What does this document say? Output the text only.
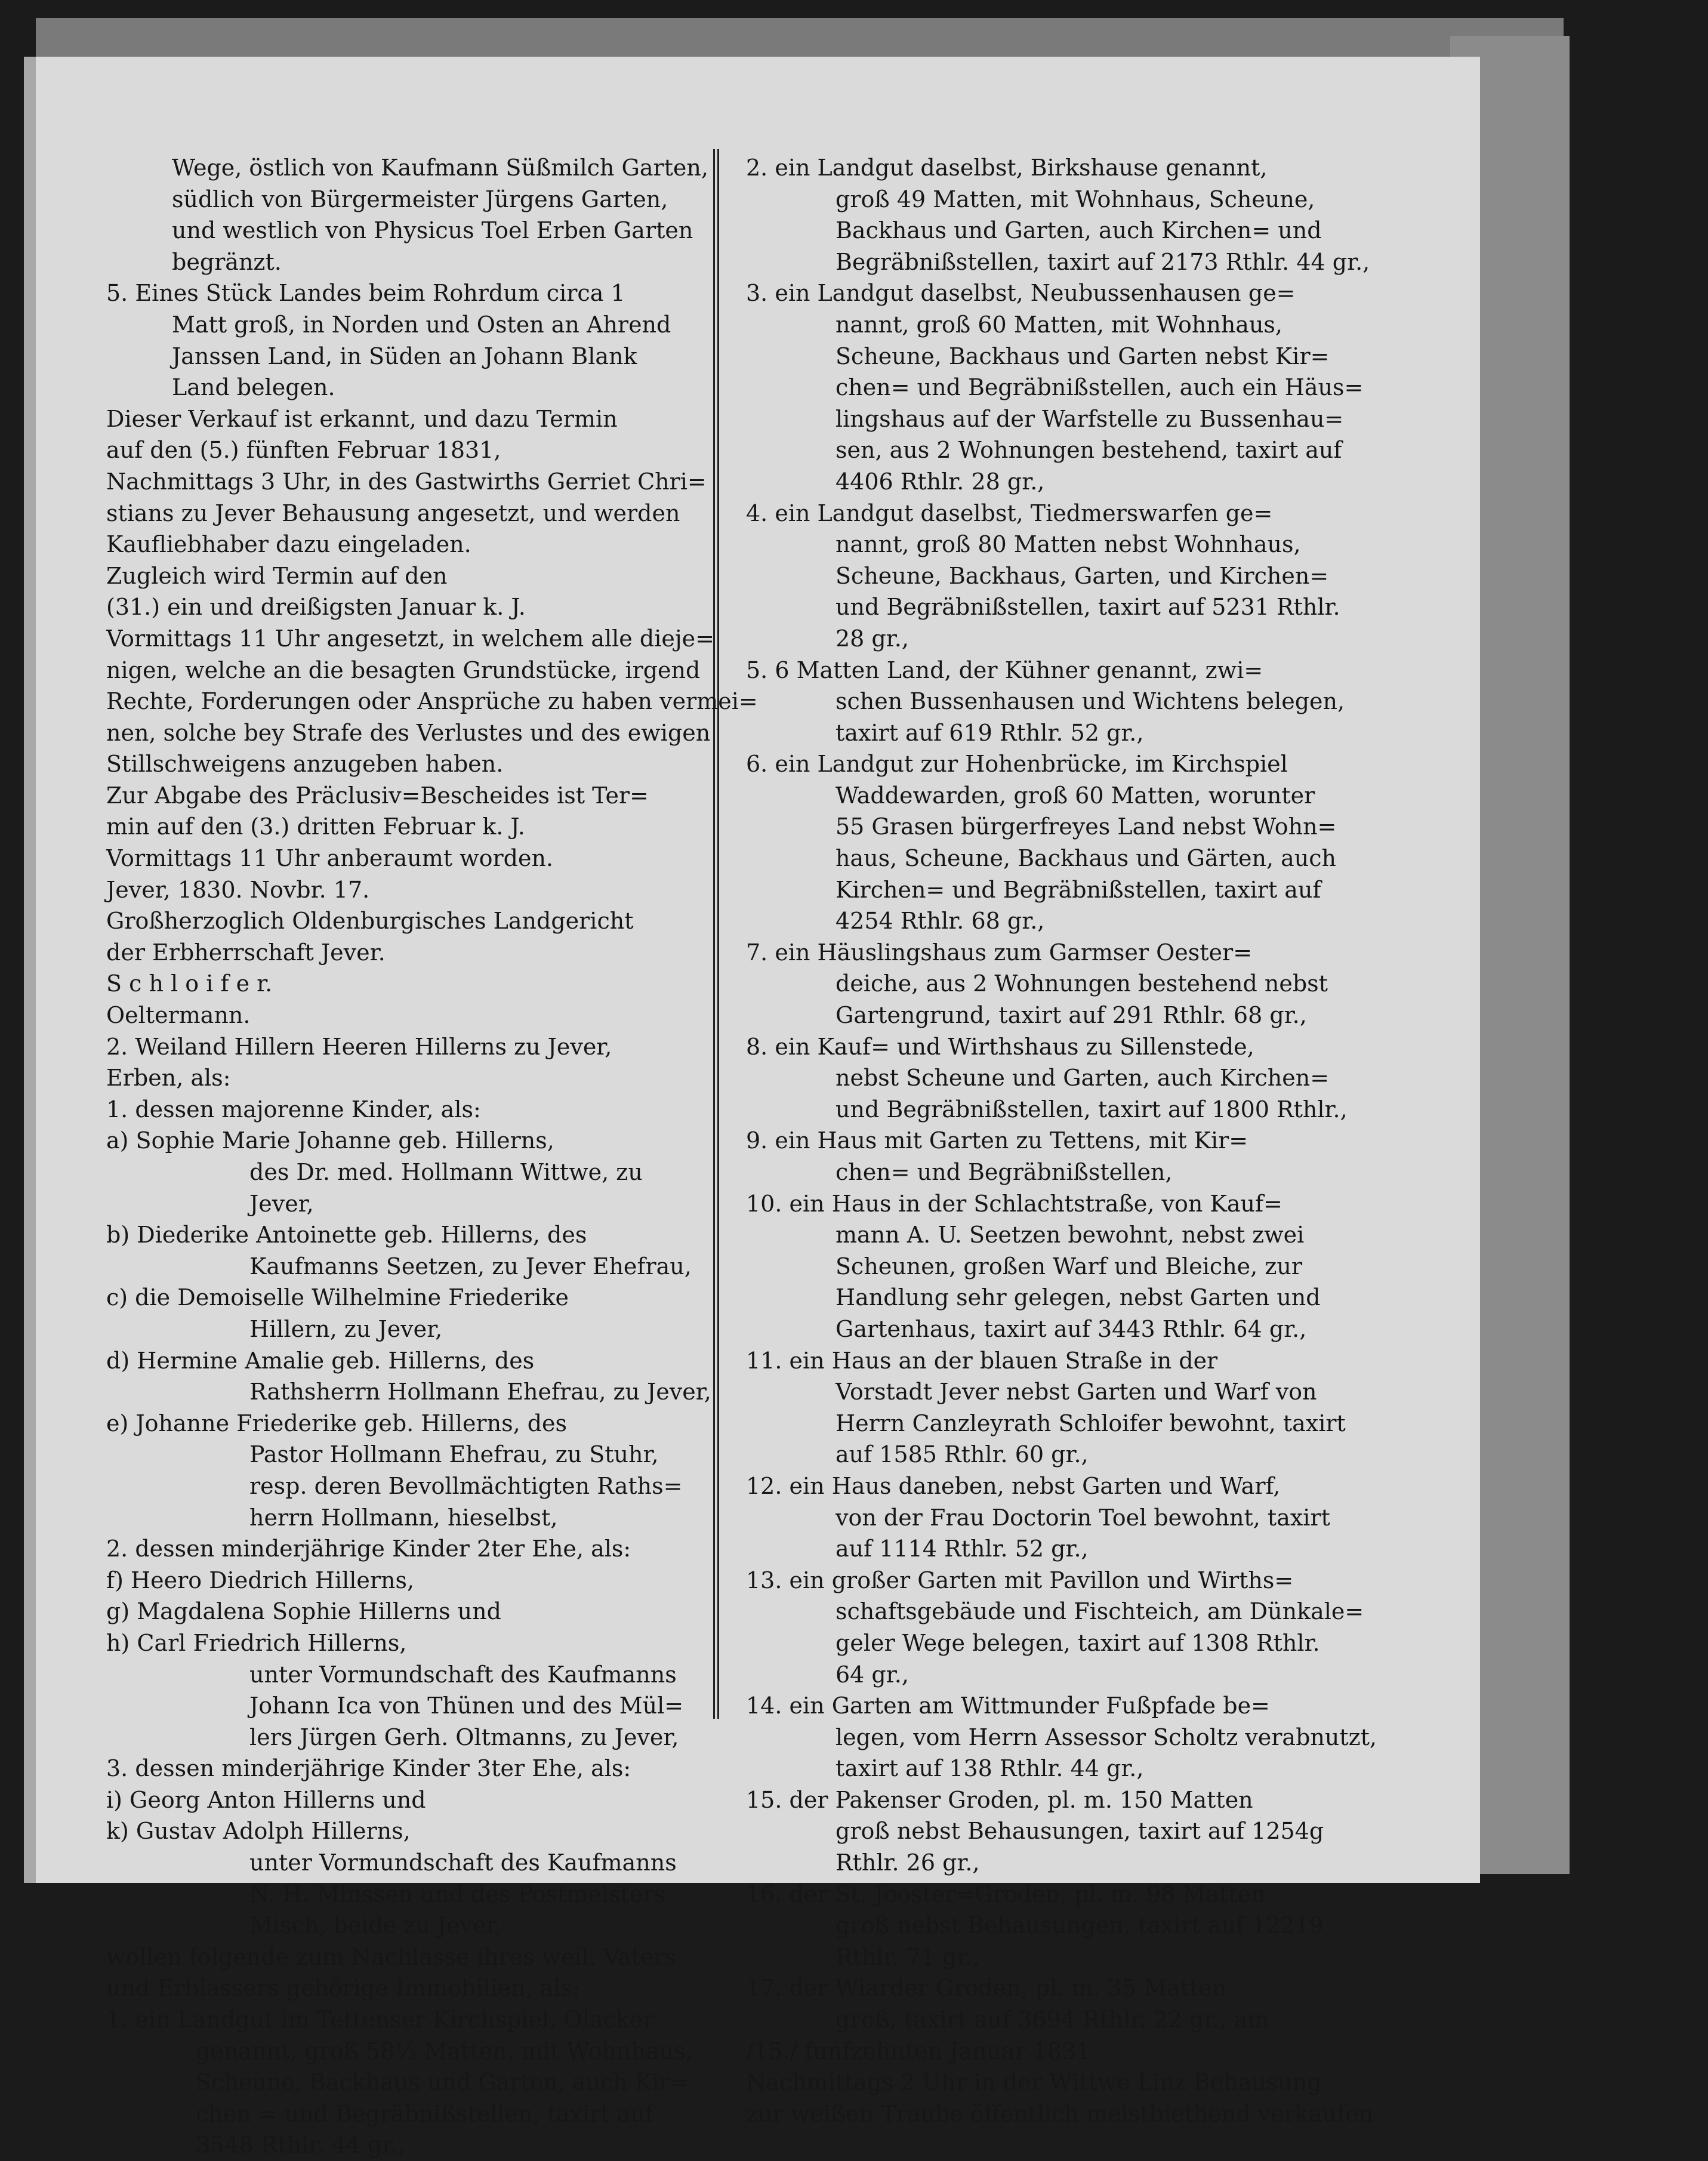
Wege, östlich von Kaufmann Süßmilch Garten,
südlich von Bürgermeister Jürgens Garten,
und westlich von Physicus Toel Erben Garten
begränzt.
5. Eines Stück Landes beim Rohrdum circa 1
Matt groß, in Norden und Osten an Ahrend
Janssen Land, in Süden an Johann Blank
Land belegen.
Dieser Verkauf ist erkannt, und dazu Termin
auf den (5.) fünften Februar 1831,
Nachmittags 3 Uhr, in des Gastwirths Gerriet Chri=
stians zu Jever Behausung angesetzt, und werden
Kaufliebhaber dazu eingeladen.
Zugleich wird Termin auf den
(31.) ein und dreißigsten Januar k. J.
Vormittags 11 Uhr angesetzt, in welchem alle dieje=
nigen, welche an die besagten Grundstücke, irgend
Rechte, Forderungen oder Ansprüche zu haben vermei=
nen, solche bey Strafe des Verlustes und des ewigen
Stillschweigens anzugeben haben.
Zur Abgabe des Präclusiv=Bescheides ist Ter=
min auf den (3.) dritten Februar k. J.
Vormittags 11 Uhr anberaumt worden.
Jever, 1830. Novbr. 17.
Großherzoglich Oldenburgisches Landgericht
der Erbherrschaft Jever.
S c h l o i f e r.
Oeltermann.
2. Weiland Hillern Heeren Hillerns zu Jever,
Erben, als:
1. dessen majorenne Kinder, als:
a) Sophie Marie Johanne geb. Hillerns,
des Dr. med. Hollmann Wittwe, zu
Jever,
b) Diederike Antoinette geb. Hillerns, des
Kaufmanns Seetzen, zu Jever Ehefrau,
c) die Demoiselle Wilhelmine Friederike
Hillern, zu Jever,
d) Hermine Amalie geb. Hillerns, des
Rathsherrn Hollmann Ehefrau, zu Jever,
e) Johanne Friederike geb. Hillerns, des
Pastor Hollmann Ehefrau, zu Stuhr,
resp. deren Bevollmächtigten Raths=
herrn Hollmann, hieselbst,
2. dessen minderjährige Kinder 2ter Ehe, als:
f) Heero Diedrich Hillerns,
g) Magdalena Sophie Hillerns und
h) Carl Friedrich Hillerns,
unter Vormundschaft des Kaufmanns
Johann Ica von Thünen und des Mül=
lers Jürgen Gerh. Oltmanns, zu Jever,
3. dessen minderjährige Kinder 3ter Ehe, als:
i) Georg Anton Hillerns und
k) Gustav Adolph Hillerns,
unter Vormundschaft des Kaufmanns
N. H. Minssen und des Postmeisters
Misch, beide zu Jever,
wollen folgende zum Nachlasse ihres weil. Vaters
und Erblassers gehörige Immobilien, als:
1. ein Landgut im Tettenser Kirchspiel, Olacker
genannt, groß 58⅓ Matten, mit Wohnhaus,
Scheune, Backhaus und Garten, auch Kir=
chen = und Begräbnißstellen, taxirt auf
3548 Rthlr. 44 gr.,
2. ein Landgut daselbst, Birkshause genannt,
groß 49 Matten, mit Wohnhaus, Scheune,
Backhaus und Garten, auch Kirchen= und
Begräbnißstellen, taxirt auf 2173 Rthlr. 44 gr.,
3. ein Landgut daselbst, Neubussenhausen ge=
nannt, groß 60 Matten, mit Wohnhaus,
Scheune, Backhaus und Garten nebst Kir=
chen= und Begräbnißstellen, auch ein Häus=
lingshaus auf der Warfstelle zu Bussenhau=
sen, aus 2 Wohnungen bestehend, taxirt auf
4406 Rthlr. 28 gr.,
4. ein Landgut daselbst, Tiedmerswarfen ge=
nannt, groß 80 Matten nebst Wohnhaus,
Scheune, Backhaus, Garten, und Kirchen=
und Begräbnißstellen, taxirt auf 5231 Rthlr.
28 gr.,
5. 6 Matten Land, der Kühner genannt, zwi=
schen Bussenhausen und Wichtens belegen,
taxirt auf 619 Rthlr. 52 gr.,
6. ein Landgut zur Hohenbrücke, im Kirchspiel
Waddewarden, groß 60 Matten, worunter
55 Grasen bürgerfreyes Land nebst Wohn=
haus, Scheune, Backhaus und Gärten, auch
Kirchen= und Begräbnißstellen, taxirt auf
4254 Rthlr. 68 gr.,
7. ein Häuslingshaus zum Garmser Oester=
deiche, aus 2 Wohnungen bestehend nebst
Gartengrund, taxirt auf 291 Rthlr. 68 gr.,
8. ein Kauf= und Wirthshaus zu Sillenstede,
nebst Scheune und Garten, auch Kirchen=
und Begräbnißstellen, taxirt auf 1800 Rthlr.,
9. ein Haus mit Garten zu Tettens, mit Kir=
chen= und Begräbnißstellen,
10. ein Haus in der Schlachtstraße, von Kauf=
mann A. U. Seetzen bewohnt, nebst zwei
Scheunen, großen Warf und Bleiche, zur
Handlung sehr gelegen, nebst Garten und
Gartenhaus, taxirt auf 3443 Rthlr. 64 gr.,
11. ein Haus an der blauen Straße in der
Vorstadt Jever nebst Garten und Warf von
Herrn Canzleyrath Schloifer bewohnt, taxirt
auf 1585 Rthlr. 60 gr.,
12. ein Haus daneben, nebst Garten und Warf,
von der Frau Doctorin Toel bewohnt, taxirt
auf 1114 Rthlr. 52 gr.,
13. ein großer Garten mit Pavillon und Wirths=
schaftsgebäude und Fischteich, am Dünkale=
geler Wege belegen, taxirt auf 1308 Rthlr.
64 gr.,
14. ein Garten am Wittmunder Fußpfade be=
legen, vom Herrn Assessor Scholtz verabnutzt,
taxirt auf 138 Rthlr. 44 gr.,
15. der Pakenser Groden, pl. m. 150 Matten
groß nebst Behausungen, taxirt auf 1254g
Rthlr. 26 gr.,
16. der St. Jooster=Groden, pl. m. 98 Matten
groß nebst Behausungen, taxirt auf 12219
Rthlr. 71 gr.,
17. der Wiarder Groden, pl. m. 35 Matten
groß, taxirt auf 3694 Rthlr. 22 gr., am
/15./ funfzehnten Januar 1831
Nachmittags 2 Uhr in der Wittwe Linz Behausung
zur weißen Traube öffentlich meistbiethend verkaufen
